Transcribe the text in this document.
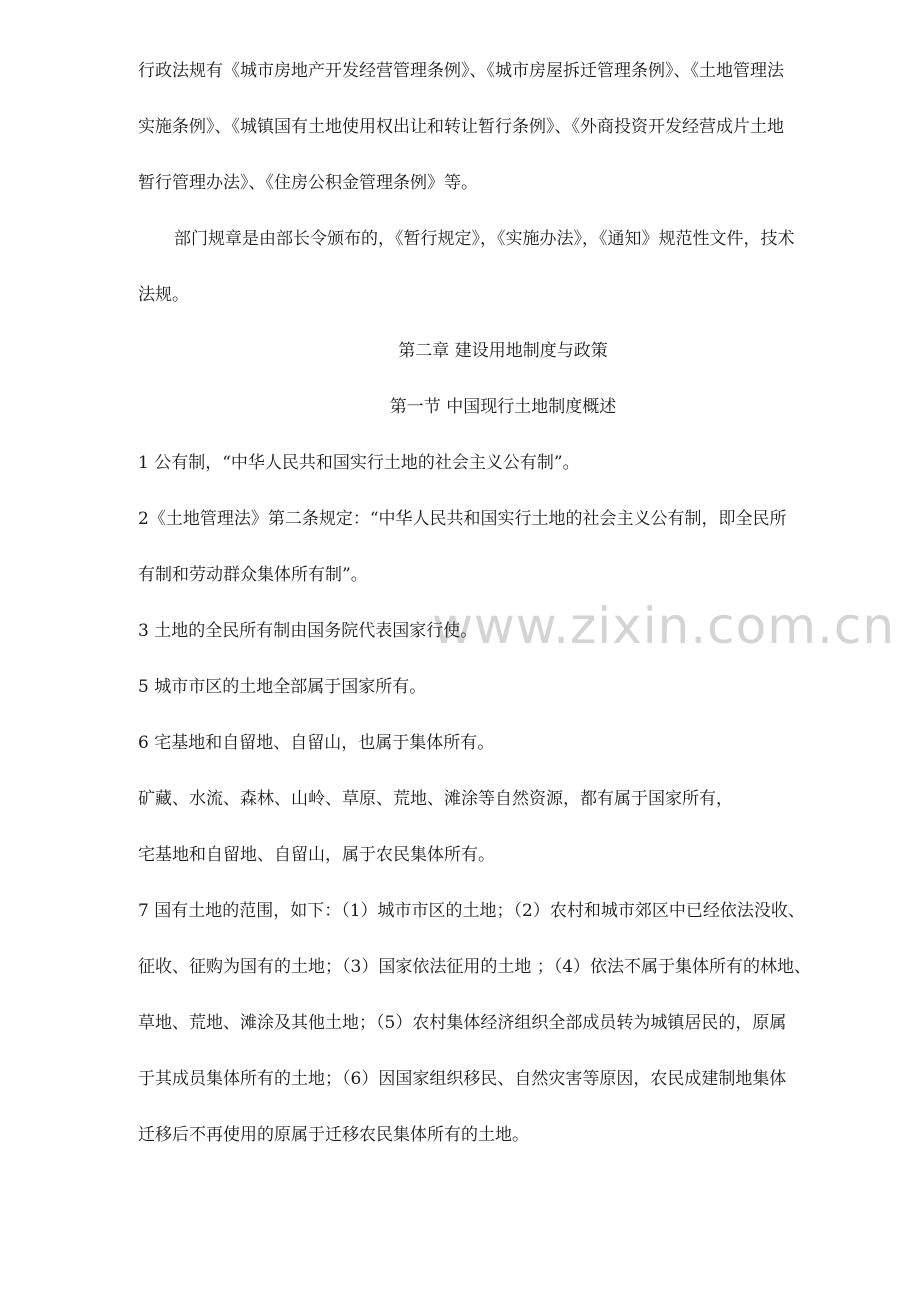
www.zixin.com.cn
行政法规有《城市房地产开发经营管理条例》、《城市房屋拆迁管理条例》、《土地管理法
实施条例》、《城镇国有土地使用权出让和转让暂行条例》、《外商投资开发经营成片土地
暂行管理办法》、《住房公积金管理条例》等。
部门规章是由部长令颁布的，《暂行规定》，《实施办法》，《通知》规范性文件，技术
法规。
第二章 建设用地制度与政策
第一节 中国现行土地制度概述
1 公有制，“中华人民共和国实行土地的社会主义公有制”。
2《土地管理法》第二条规定：“中华人民共和国实行土地的社会主义公有制，即全民所
有制和劳动群众集体所有制”。
3 土地的全民所有制由国务院代表国家行使。
5 城市市区的土地全部属于国家所有。
6 宅基地和自留地、自留山，也属于集体所有。
矿藏、水流、森林、山岭、草原、荒地、滩涂等自然资源，都有属于国家所有，
宅基地和自留地、自留山，属于农民集体所有。
7 国有土地的范围，如下：（1）城市市区的土地；（2）农村和城市郊区中已经依法没收、
征收、征购为国有的土地；（3）国家依法征用的土地 ；（4）依法不属于集体所有的林地、
草地、荒地、滩涂及其他土地；（5）农村集体经济组织全部成员转为城镇居民的，原属
于其成员集体所有的土地；（6）因国家组织移民、自然灾害等原因，农民成建制地集体
迁移后不再使用的原属于迁移农民集体所有的土地。
